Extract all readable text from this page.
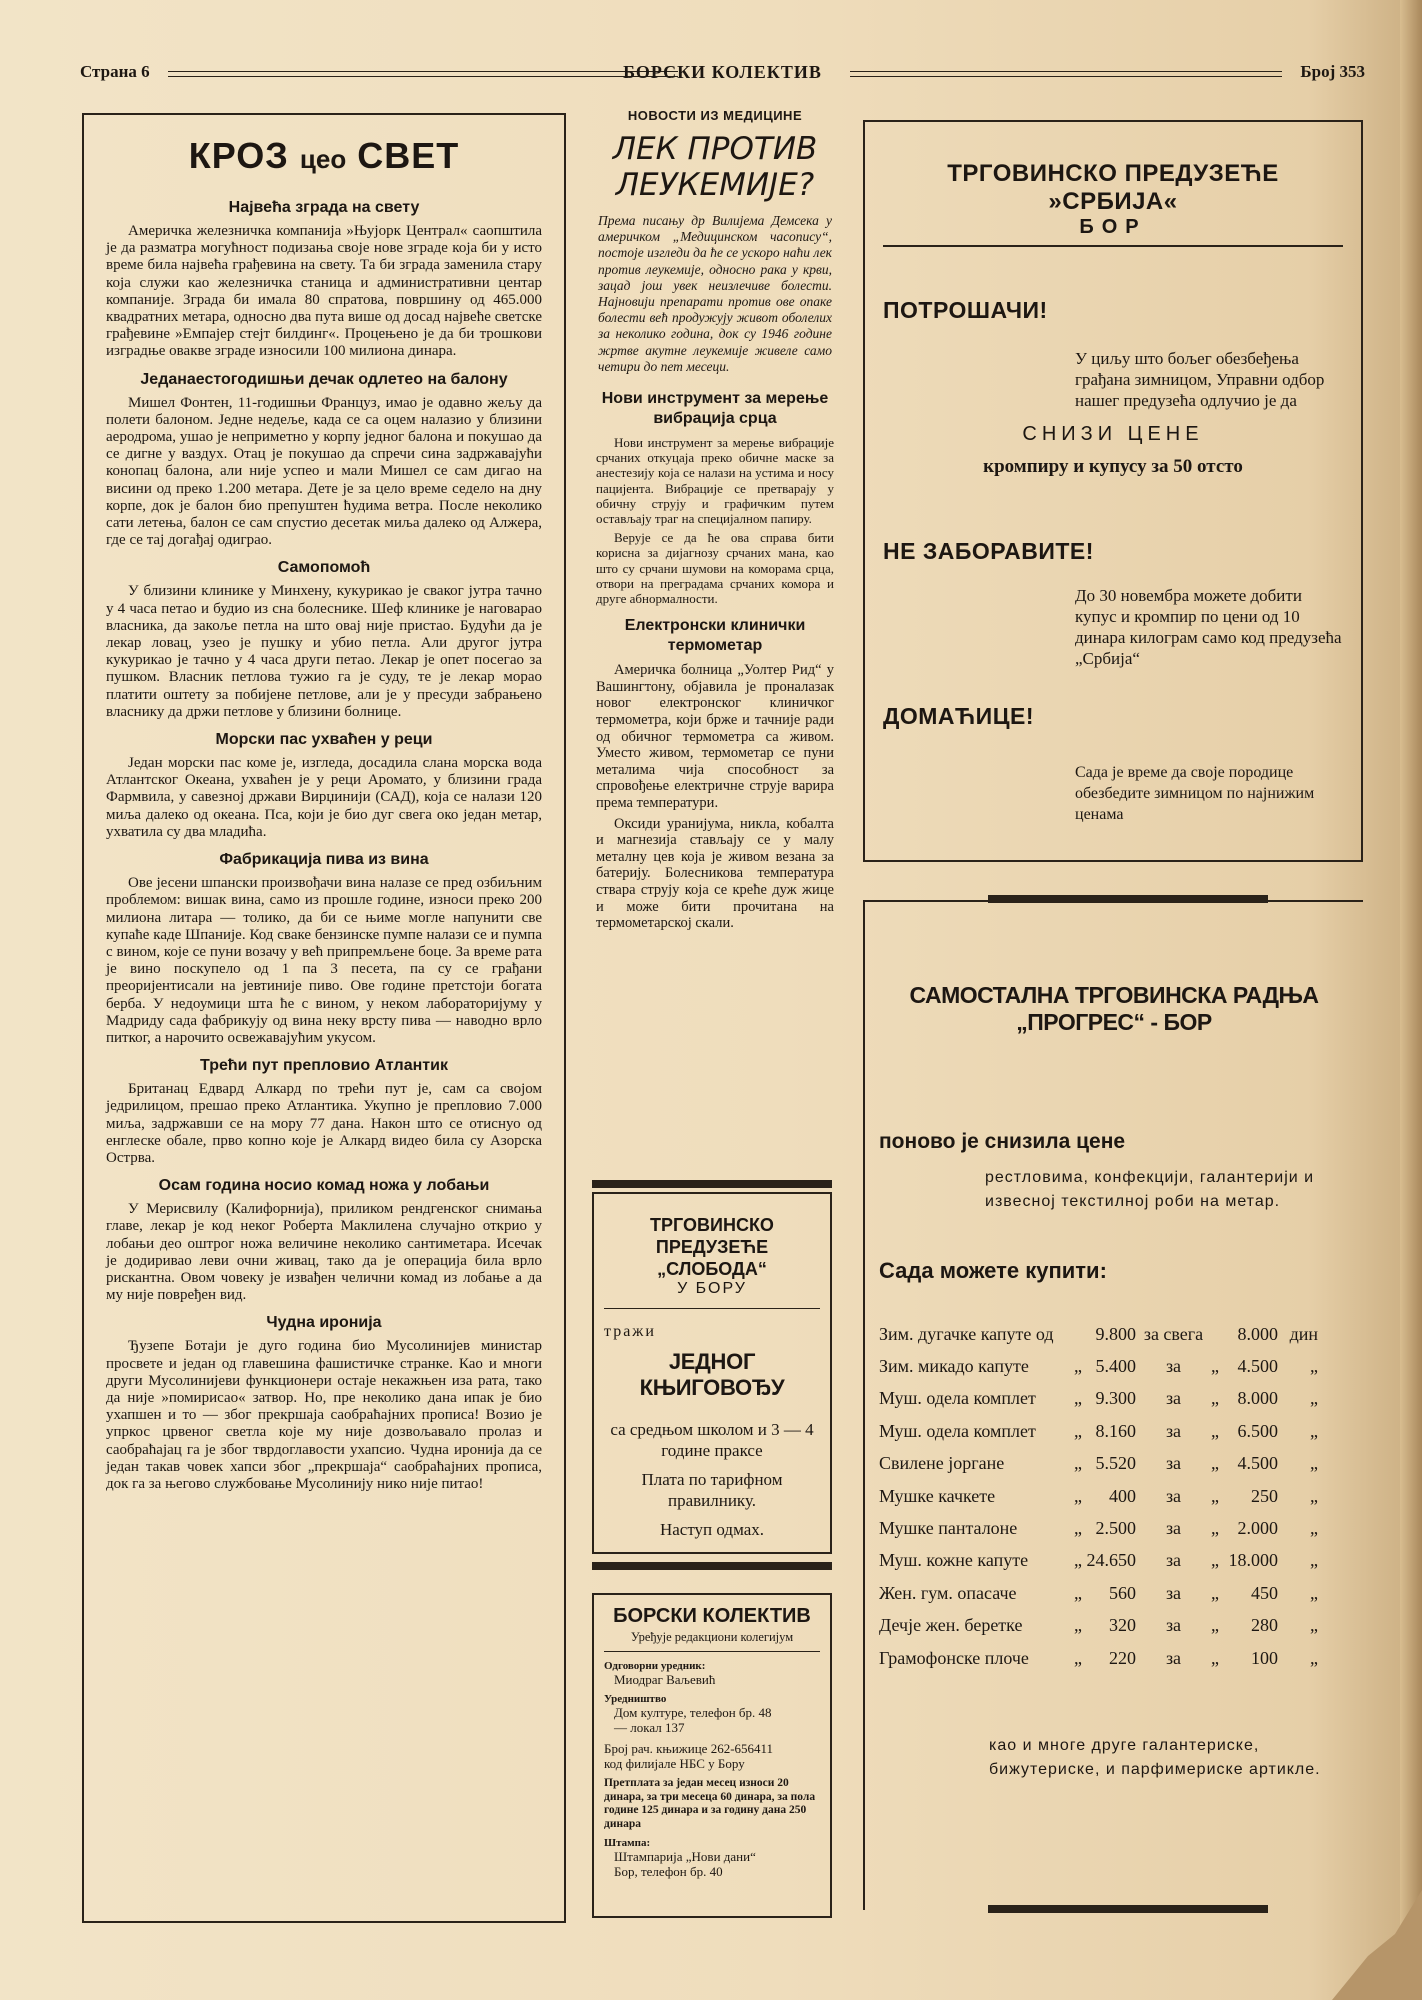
Страна 6	БОРСКИ КОЛЕКТИВ	Број 353
КРОЗ цео СВЕТ
Највећа зграда на свету

Америчка железничка компанија »Њујорк Централ« саопштила је да разматра могућност подизања своје нове зграде која би у исто време била највећа грађевина на свету. Та би зграда заменила стару која служи као железничка станица и административни центар компаније. Зграда би имала 80 спратова, површину од 465.000 квадратних метара, односно два пута више од досад највеће светске грађевине »Емпајер стејт билдинг«. Процењено је да би трошкови изградње овакве зграде износили 100 милиона динара.

Једанаестогодишњи дечак одлетео на балону

Мишел Фонтен, 11-годишњи Француз, имао је одавно жељу да полети балоном. Једне недеље, када се са оцем налазио у близини аеродрома, ушао је неприметно у корпу једног балона и покушао да се дигне у ваздух. Отац је покушао да спречи сина задржавајући конопац балона, али није успео и мали Мишел се сам дигао на висини од преко 1.200 метара. Дете је за цело време седело на дну корпе, док је балон био препуштен ћудима ветра. После неколико сати летења, балон се сам спустио десетак миља далеко од Алжера, где се тај догађај одиграо.

Самопомоћ

У близини клинике у Минхену, кукурикао је сваког јутра тачно у 4 часа петао и будио из сна болеснике. Шеф клинике је наговарао власника, да закоље петла на што овај није пристао. Будући да је лекар ловац, узео је пушку и убио петла. Али другог јутра кукурикао је тачно у 4 часа други петао. Лекар је опет посегао за пушком. Власник петлова тужио га је суду, те је лекар морао платити оштету за побијене петлове, али је у пресуди забрањено власнику да држи петлове у близини болнице.

Морски пас ухваћен у реци

Један морски пас коме је, изгледа, досадила слана морска вода Атлантског Океана, ухваћен је у реци Аромато, у близини града Фармвила, у савезној држави Вирџинији (САД), која се налази 120 миља далеко од океана. Пса, који је био дуг свега око један метар, ухватила су два младића.

Фабрикација пива из вина

Ове јесени шпански произвођачи вина налазе се пред озбиљним проблемом: вишак вина, само из прошле године, износи преко 200 милиона литара — толико, да би се њиме могле напунити све купаће каде Шпаније. Код сваке бензинске пумпе налази се и пумпа с вином, које се пуни возачу у већ припремљене боце. За време рата је вино поскупело од 1 па 3 песета, па су се грађани преоријентисали на јевтиније пиво. Ове године претстоји богата берба. У недоумици шта ће с вином, у неком лабораторијуму у Мадриду сада фабрикују од вина неку врсту пива — наводно врло питког, а нарочито освежавајућим укусом.

Трећи пут препловио Атлантик

Британац Едвард Алкард по трећи пут је, сам са својом једрилицом, прешао преко Атлантика. Укупно је препловио 7.000 миља, задржавши се на мору 77 дана. Након што се отиснуо од енглеске обале, прво копно које је Алкард видео била су Азорска Острва.

Осам година носио комад ножа у лобањи

У Мерисвилу (Калифорнија), приликом рендгенског снимања главе, лекар је код неког Роберта Маклилена случајно открио у лобањи део оштрог ножа величине неколико сантиметара. Исечак је додиривао леви очни живац, тако да је операција била врло рискантна. Овом човеку је извађен челични комад из лобање а да му није повређен вид.

Чудна иронија

Ђузепе Ботаји је дуго година био Мусолинијев министар просвете и један од главешина фашистичке странке. Као и многи други Мусолинијеви функционери остаје некажњен иза рата, тако да није »помирисао« затвор. Но, пре неколико дана ипак је био ухапшен и то — због прекршаја саобраћајних прописа! Возио је упркос црвеног светла које му није дозвољавало пролаз и саобраћајац га је због тврдоглавости ухапсио. Чудна иронија да се један такав човек хапси због „прекршаја“ саобраћајних прописа, док га за његово службовање Мусолинију нико није питао!

НОВОСТИ ИЗ МЕДИЦИНЕ
ЛЕК ПРОТИВ ЛЕУКЕМИЈЕ?

Према писању др Вилијема Демсека у америчком „Медицинском часопису“, постоје изгледи да ће се ускоро наћи лек против леукемије, односно рака у крви, зацад још увек неизлечиве болести. Најновији препарати против ове опаке болести већ продужују живот оболелих за неколико година, док су 1946 године жртве акутне леукемије живеле само четири до пет месеци.

Нови инструмент за мерење вибрација срца

Нови инструмент за мерење вибрације срчаних откуцаја преко обичне маске за анестезију која се налази на устима и носу пацијента. Вибрације се претварају у обичну струју и графичким путем остављају траг на специјалном папиру.

Верује се да ће ова справа бити корисна за дијагнозу срчаних мана, као што су срчани шумови на коморама срца, отвори на преградама срчаних комора и друге абнормалности.

Електронски клинички термометар

Америчка болница „Уолтер Рид“ у Вашингтону, објавила је проналазак новог електронског клиничког термометра, који брже и тачније ради од обичног термометра са живом. Уместо живом, термометар се пуни металима чија способност за спровођење електричне струје варира према температури.

Оксиди уранијума, никла, кобалта и магнезија стављају се у малу металну цев која је живом везана за батерију. Болесникова температура ствара струју која се креће дуж жице и може бити прочитана на термометарској скали.

ТРГОВИНСКО ПРЕДУЗЕЋЕ
„СЛОБОДА“
У БОРУ
тражи
ЈЕДНОГ КЊИГОВОЂУ
са средњом школом и 3 — 4 године праксе
Плата по тарифном правилнику.
Наступ одмах.
БОРСКИ КОЛЕКТИВ
Уређује редакциони колегијум
Одговорни уредник:
Миодраг Ваљевић
Уредништво
Дом културе, телефон бр. 48
— локал 137
Број рач. књижице 262-656411
код филијале НБС у Бору
Претплата за један месец износи 20 динара, за три месеца 60 динара, за пола године 125 динара и за годину дана 250 динара
Штампа:
Штампарија „Нови дани“
Бор, телефон бр. 40
ТРГОВИНСКО ПРЕДУЗЕЋЕ »СРБИЈА«
БОР
ПОТРОШАЧИ!
У циљу што бољег обезбеђења грађана зимницом, Управни одбор нашег предузећа одлучио је да
СНИЗИ ЦЕНЕ
кромпиру и купусу за 50 отсто
НЕ ЗАБОРАВИТЕ!
До 30 новембра можете добити купус и кромпир по цени од 10 динара килограм само код предузећа „Србија“
ДОМАЋИЦЕ!
Сада је време да своје породице обезбедите зимницом по најнижим ценама
САМОСТАЛНА ТРГОВИНСКА РАДЊА „ПРОГРЕС“ - БОР
поново је снизила цене
рестловима, конфекцији, галантерији и извесној текстилној роби на метар.
Сада можете купити:
Зим. дугачке капуте од		9.800	за свега		8.000	дин
Зим. микадо капуте	„	5.400	за	„	4.500	„
Муш. одела комплет	„	9.300	за	„	8.000	„
Муш. одела комплет	„	8.160	за	„	6.500	„
Свилене јоргане	„	5.520	за	„	4.500	„
Мушке качкете	„	400	за	„	250	„
Мушке панталоне	„	2.500	за	„	2.000	„
Муш. кожне капуте	„	24.650	за	„	18.000	„
Жен. гум. опасаче	„	560	за	„	450	„
Дечје жен. беретке	„	320	за	„	280	„
Грамофонске плоче	„	220	за	„	100	„
као и многе друге галантериске, бижутериске, и парфимериске артикле.
